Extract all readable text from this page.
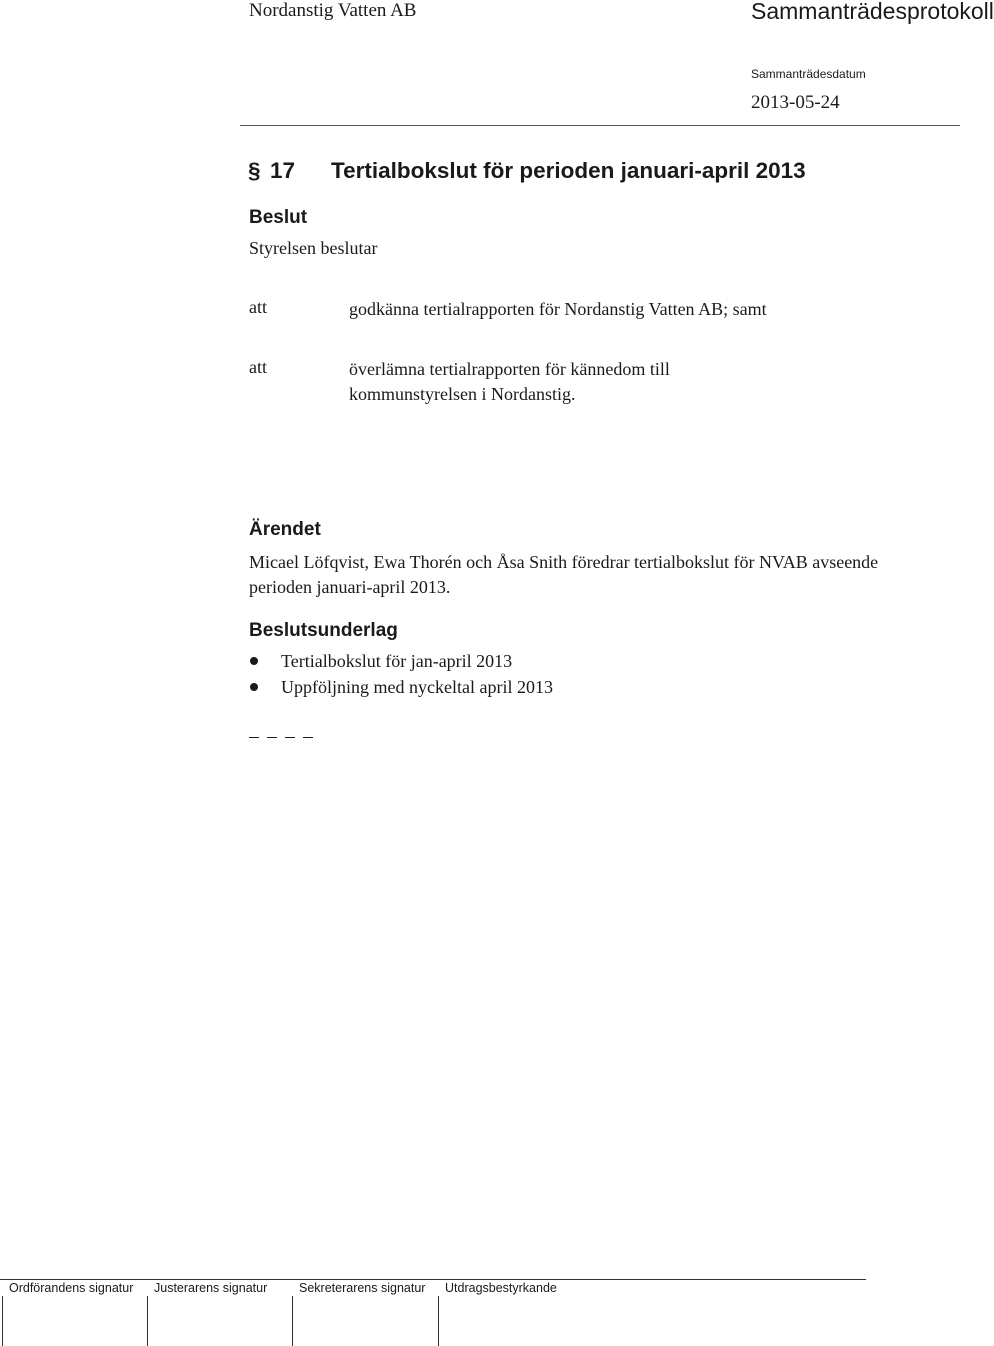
Nordanstig Vatten AB	Sammanträdesprotokoll
Sammanträdesdatum
2013-05-24
§ 17 Tertialbokslut för perioden januari-april 2013
Beslut
Styrelsen beslutar
att	godkänna tertialrapporten för Nordanstig Vatten AB; samt
att	överlämna tertialrapporten för kännedom till kommunstyrelsen i Nordanstig.
Ärendet
Micael Löfqvist, Ewa Thorén och Åsa Snith föredrar tertialbokslut för NVAB avseende perioden januari-april 2013.
Beslutsunderlag
Tertialbokslut för jan-april 2013
Uppföljning med nyckeltal april 2013
Ordförandens signatur Justerarens signatur	Sekreterarens signatur Utdragsbestyrkande
